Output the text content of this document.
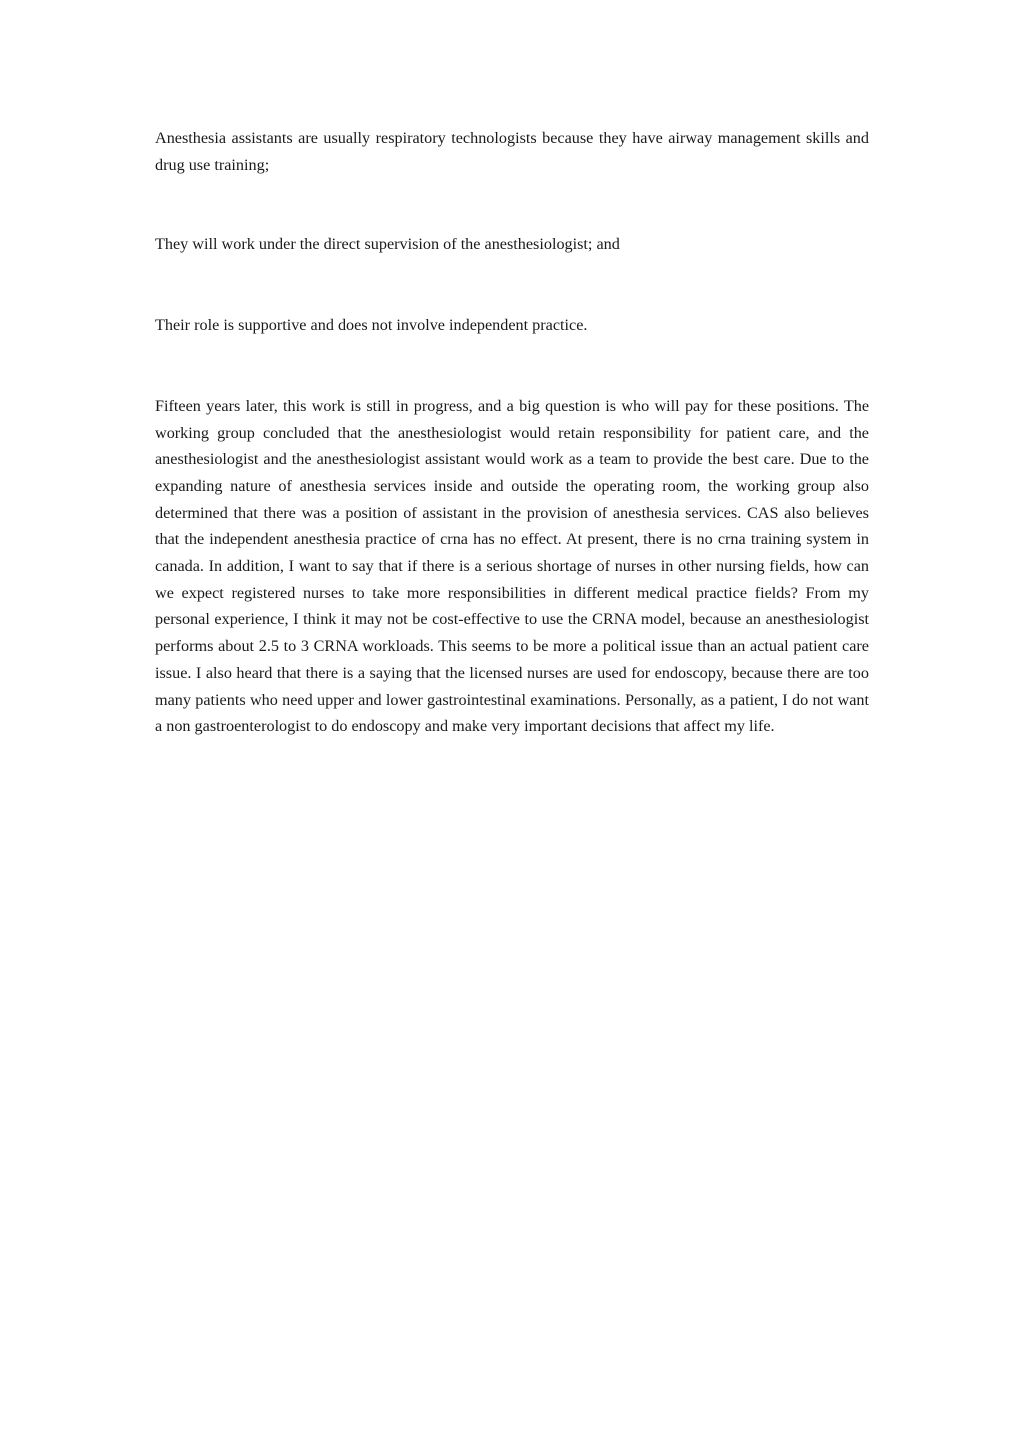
Anesthesia assistants are usually respiratory technologists because they have airway management skills and drug use training;

They will work under the direct supervision of the anesthesiologist; and

Their role is supportive and does not involve independent practice.

Fifteen years later, this work is still in progress, and a big question is who will pay for these positions. The working group concluded that the anesthesiologist would retain responsibility for patient care, and the anesthesiologist and the anesthesiologist assistant would work as a team to provide the best care. Due to the expanding nature of anesthesia services inside and outside the operating room, the working group also determined that there was a position of assistant in the provision of anesthesia services. CAS also believes that the independent anesthesia practice of crna has no effect. At present, there is no crna training system in canada. In addition, I want to say that if there is a serious shortage of nurses in other nursing fields, how can we expect registered nurses to take more responsibilities in different medical practice fields? From my personal experience, I think it may not be cost-effective to use the CRNA model, because an anesthesiologist performs about 2.5 to 3 CRNA workloads. This seems to be more a political issue than an actual patient care issue. I also heard that there is a saying that the licensed nurses are used for endoscopy, because there are too many patients who need upper and lower gastrointestinal examinations. Personally, as a patient, I do not want a non gastroenterologist to do endoscopy and make very important decisions that affect my life.
